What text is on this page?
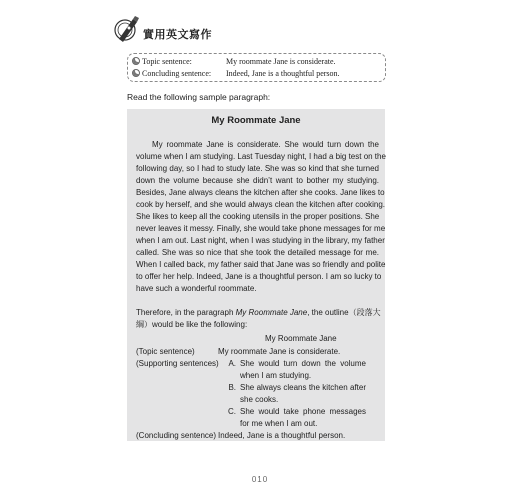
實用英文寫作
Topic sentence:	My roommate Jane is considerate.
Concluding sentence: Indeed, Jane is a thoughtful person.
Read the following sample paragraph:
My Roommate Jane
My roommate Jane is considerate. She would turn down the
volume when I am studying. Last Tuesday night, I had a big test on the
following day, so I had to study late. She was so kind that she turned
down the volume because she didn’t want to bother my studying.
Besides, Jane always cleans the kitchen after she cooks. Jane likes to
cook by herself, and she would always clean the kitchen after cooking.
She likes to keep all the cooking utensils in the proper positions. She
never leaves it messy. Finally, she would take phone messages for me
when I am out. Last night, when I was studying in the library, my father
called. She was so nice that she took the detailed message for me.
When I called back, my father said that Jane was so friendly and polite
to offer her help. Indeed, Jane is a thoughtful person. I am so lucky to
have such a wonderful roommate.
Therefore, in the paragraph My Roommate Jane, the outline（段落大
綱）would be like the following:
My Roommate Jane
(Topic sentence)	My roommate Jane is considerate.
(Supporting sentences)	A. She would turn down the volume when I am studying.
B. She always cleans the kitchen after she cooks.
C. She would take phone messages for me when I am out.
(Concluding sentence) Indeed, Jane is a thoughtful person.
010
